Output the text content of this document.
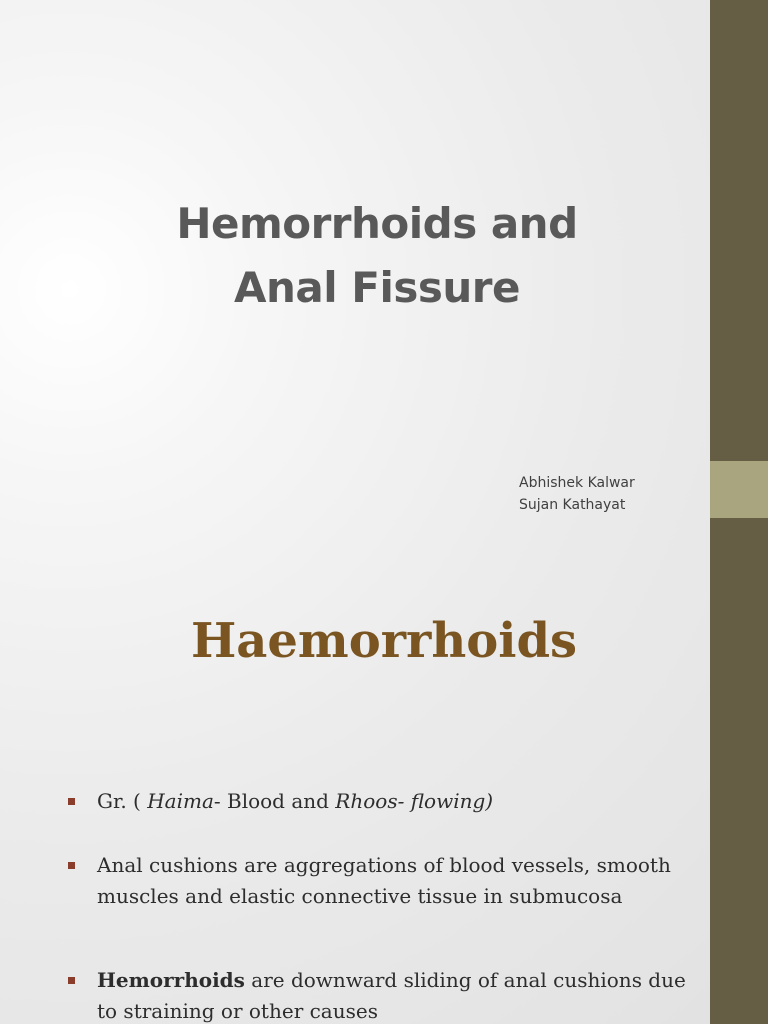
Hemorrhoids and
Anal Fissure
Abhishek Kalwar
Sujan Kathayat
Haemorrhoids
Gr. ( Haima- Blood and Rhoos- flowing)
Anal cushions are aggregations of blood vessels, smooth muscles and elastic connective tissue in submucosa
Hemorrhoids are downward sliding of anal cushions due to straining or other causes
